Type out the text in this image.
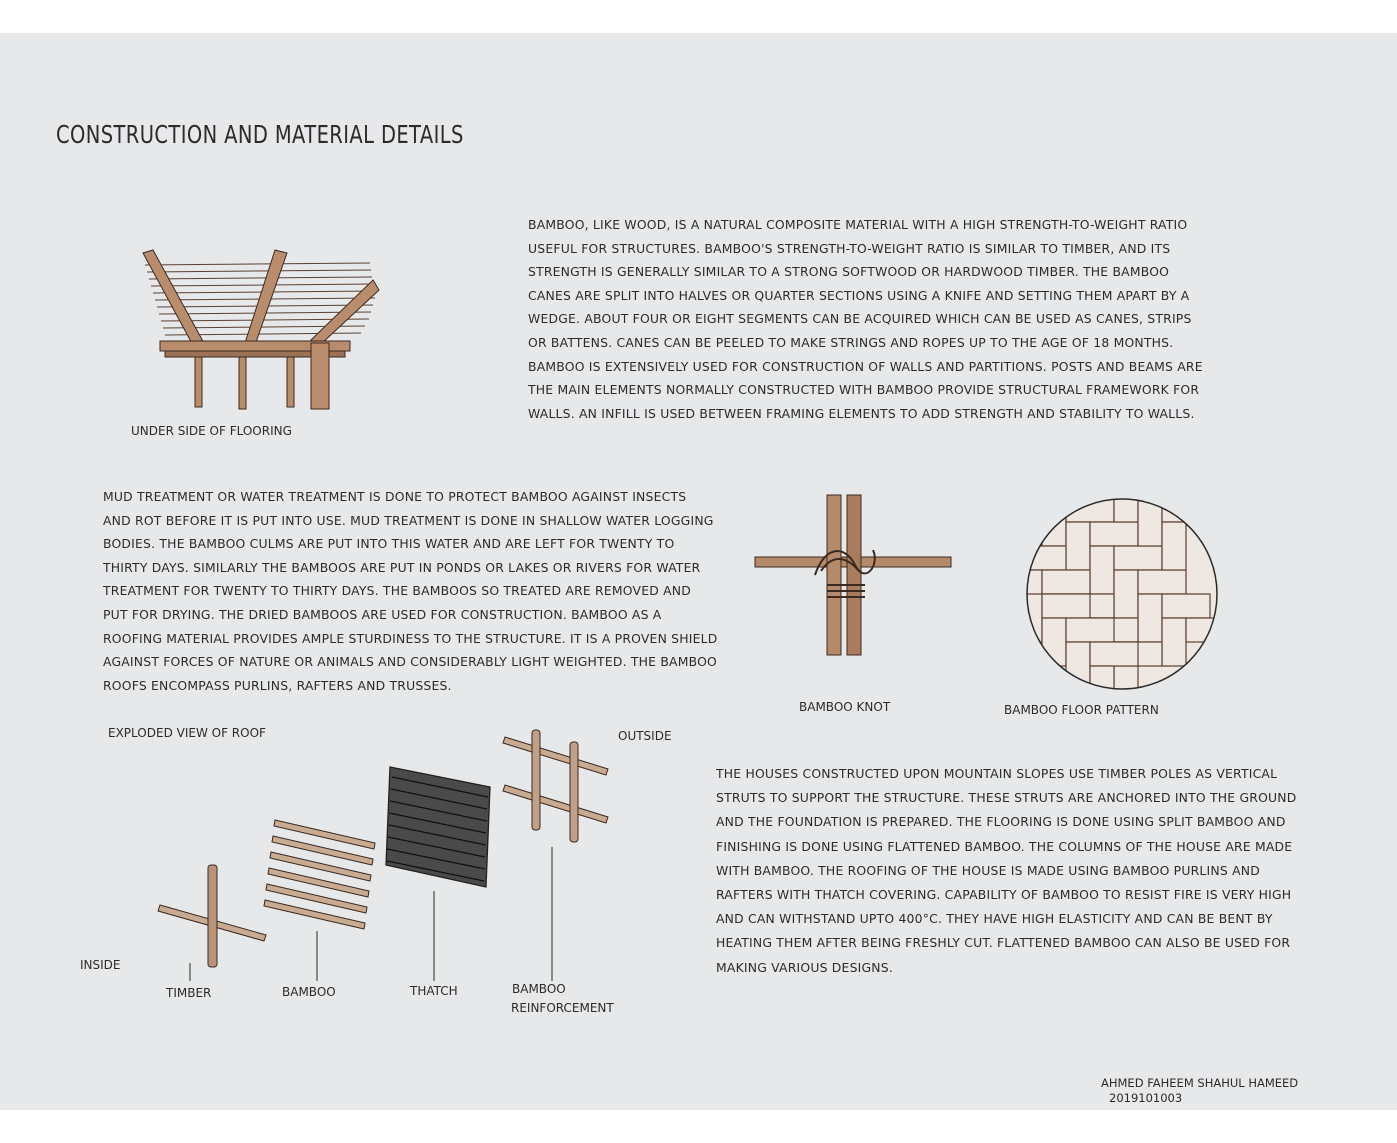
CONSTRUCTION AND MATERIAL DETAILS
UNDER SIDE OF FLOORING

BAMBOO, LIKE WOOD, IS A NATURAL COMPOSITE MATERIAL WITH A HIGH STRENGTH-TO-WEIGHT RATIO USEFUL FOR STRUCTURES. BAMBOO'S STRENGTH-TO-WEIGHT RATIO IS SIMILAR TO TIMBER, AND ITS STRENGTH IS GENERALLY SIMILAR TO A STRONG SOFTWOOD OR HARDWOOD TIMBER. THE BAMBOO CANES ARE SPLIT INTO HALVES OR QUARTER SECTIONS USING A KNIFE AND SETTING THEM APART BY A WEDGE. ABOUT FOUR OR EIGHT SEGMENTS CAN BE ACQUIRED WHICH CAN BE USED AS CANES, STRIPS OR BATTENS. CANES CAN BE PEELED TO MAKE STRINGS AND ROPES UP TO THE AGE OF 18 MONTHS. BAMBOO IS EXTENSIVELY USED FOR CONSTRUCTION OF WALLS AND PARTITIONS. POSTS AND BEAMS ARE THE MAIN ELEMENTS NORMALLY CONSTRUCTED WITH BAMBOO PROVIDE STRUCTURAL FRAMEWORK FOR WALLS. AN INFILL IS USED BETWEEN FRAMING ELEMENTS TO ADD STRENGTH AND STABILITY TO WALLS.

MUD TREATMENT OR WATER TREATMENT IS DONE TO PROTECT BAMBOO AGAINST INSECTS AND ROT BEFORE IT IS PUT INTO USE. MUD TREATMENT IS DONE IN SHALLOW WATER LOGGING BODIES. THE BAMBOO CULMS ARE PUT INTO THIS WATER AND ARE LEFT FOR TWENTY TO THIRTY DAYS. SIMILARLY THE BAMBOOS ARE PUT IN PONDS OR LAKES OR RIVERS FOR WATER TREATMENT FOR TWENTY TO THIRTY DAYS. THE BAMBOOS SO TREATED ARE REMOVED AND PUT FOR DRYING. THE DRIED BAMBOOS ARE USED FOR CONSTRUCTION. BAMBOO AS A ROOFING MATERIAL PROVIDES AMPLE STURDINESS TO THE STRUCTURE. IT IS A PROVEN SHIELD AGAINST FORCES OF NATURE OR ANIMALS AND CONSIDERABLY LIGHT WEIGHTED. THE BAMBOO ROOFS ENCOMPASS PURLINS, RAFTERS AND TRUSSES.

BAMBOO KNOT	BAMBOO FLOOR PATTERN
EXPLODED VIEW OF ROOF	OUTSIDE
INSIDE
TIMBER	BAMBOO	THATCH	BAMBOO
REINFORCEMENT

THE HOUSES CONSTRUCTED UPON MOUNTAIN SLOPES USE TIMBER POLES AS VERTICAL STRUTS TO SUPPORT THE STRUCTURE. THESE STRUTS ARE ANCHORED INTO THE GROUND AND THE FOUNDATION IS PREPARED. THE FLOORING IS DONE USING SPLIT BAMBOO AND FINISHING IS DONE USING FLATTENED BAMBOO. THE COLUMNS OF THE HOUSE ARE MADE WITH BAMBOO. THE ROOFING OF THE HOUSE IS MADE USING BAMBOO PURLINS AND RAFTERS WITH THATCH COVERING. CAPABILITY OF BAMBOO TO RESIST FIRE IS VERY HIGH AND CAN WITHSTAND UPTO 400°C. THEY HAVE HIGH ELASTICITY AND CAN BE BENT BY HEATING THEM AFTER BEING FRESHLY CUT. FLATTENED BAMBOO CAN ALSO BE USED FOR MAKING VARIOUS DESIGNS.

AHMED FAHEEM SHAHUL HAMEED
2019101003
